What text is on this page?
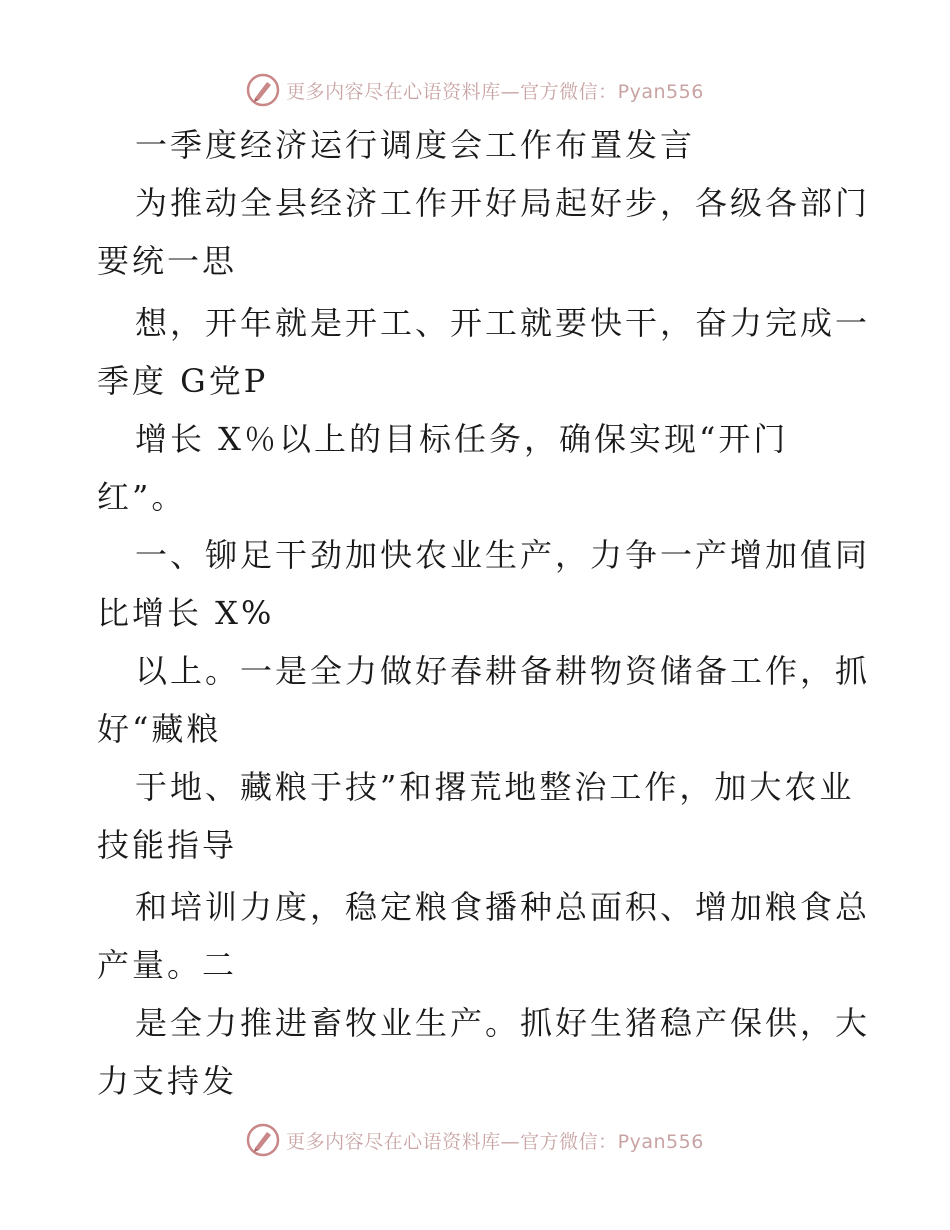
更多内容尽在心语资料库—官方微信：Pyan556
一季度经济运行调度会工作布置发言
为推动全县经济工作开好局起好步，各级各部门
要统一思
想，开年就是开工、开工就要快干，奋力完成一
季度 G党P
增长 X％以上的目标任务，确保实现“开门
红”。
一、铆足干劲加快农业生产，力争一产增加值同
比增长 X%
以上。一是全力做好春耕备耕物资储备工作，抓
好“藏粮
于地、藏粮于技”和撂荒地整治工作，加大农业
技能指导
和培训力度，稳定粮食播种总面积、增加粮食总
产量。二
是全力推进畜牧业生产。抓好生猪稳产保供，大
力支持发
更多内容尽在心语资料库—官方微信：Pyan556
